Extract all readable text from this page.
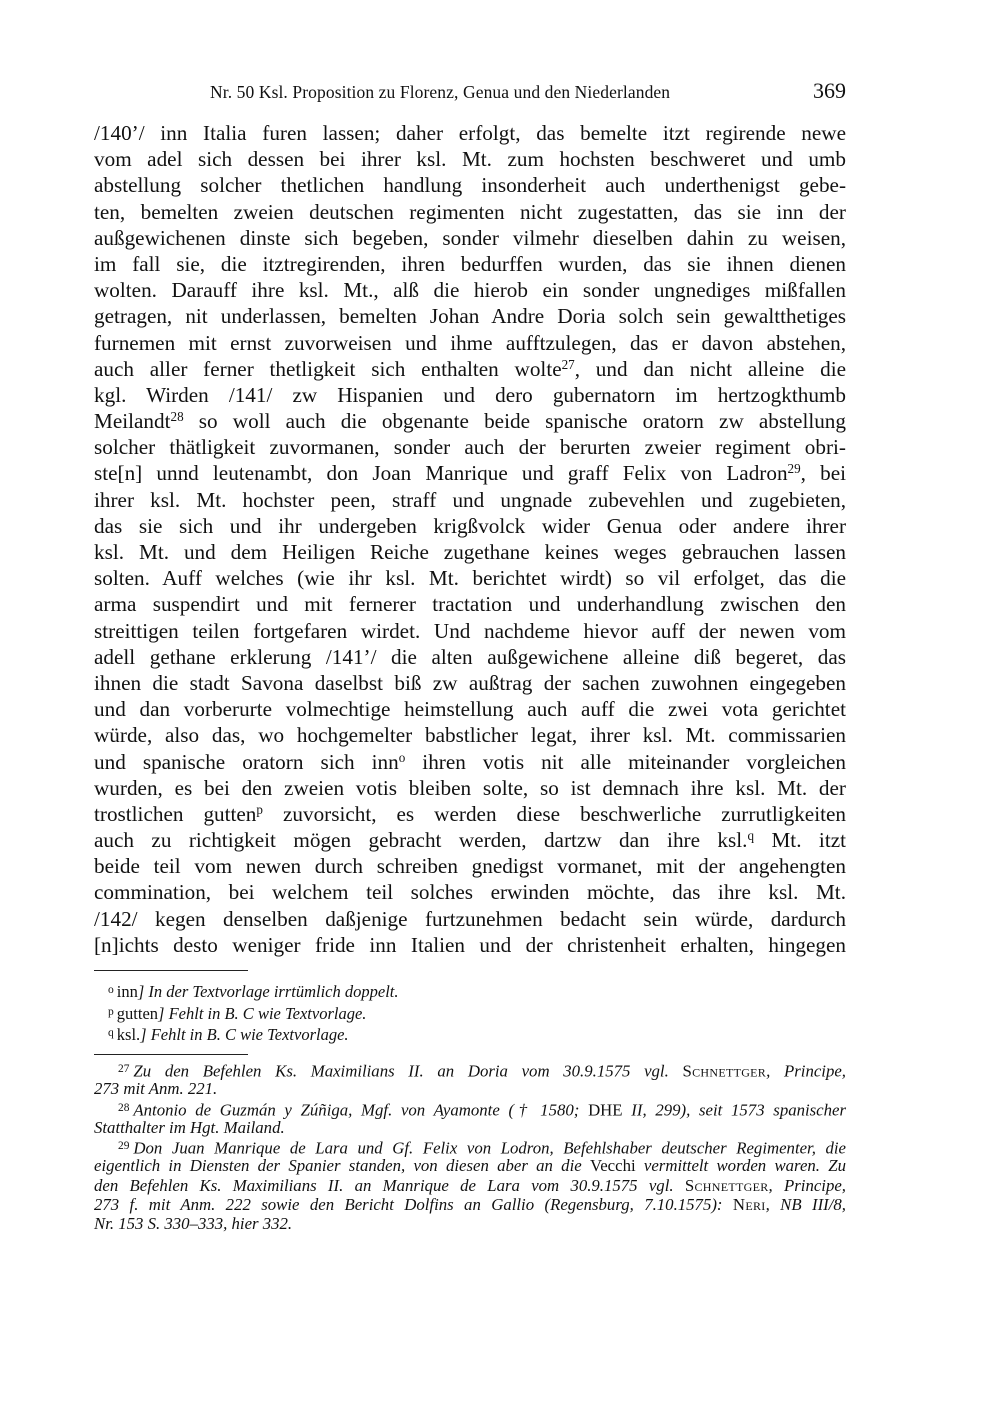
Nr. 50 Ksl. Proposition zu Florenz, Genua und den Niederlanden	369
/140’/ inn Italia furen lassen; daher erfolgt, das bemelte itzt regirende newe
vom adel sich dessen bei ihrer ksl. Mt. zum hochsten beschweret und umb
abstellung solcher thetlichen handlung insonderheit auch underthenigst gebe-
ten, bemelten zweien deutschen regimenten nicht zugestatten, das sie inn der
außgewichenen dinste sich begeben, sonder vilmehr dieselben dahin zu weisen,
im fall sie, die itztregirenden, ihren bedurffen wurden, das sie ihnen dienen
wolten. Darauff ihre ksl. Mt., alß die hierob ein sonder ungnediges mißfallen
getragen, nit underlassen, bemelten Johan Andre Doria solch sein gewaltthetiges
furnemen mit ernst zuvorweisen und ihme aufftzulegen, das er davon abstehen,
auch aller ferner thetligkeit sich enthalten wolte$^{27}$, und dan nicht alleine die
kgl. Wirden /141/ zw Hispanien und dero gubernatorn im hertzogkthumb
Meilandt$^{28}$ so woll auch die obgenante beide spanische oratorn zw abstellung
solcher thätligkeit zuvormanen, sonder auch der berurten zweier regiment obri-
ste[n] unnd leutenambt, don Joan Manrique und graff Felix von Ladron$^{29}$, bei
ihrer ksl. Mt. hochster peen, straff und ungnade zubevehlen und zugebieten,
das sie sich und ihr undergeben krigßvolck wider Genua oder andere ihrer
ksl. Mt. und dem Heiligen Reiche zugethane keines weges gebrauchen lassen
solten. Auff welches (wie ihr ksl. Mt. berichtet wirdt) so vil erfolget, das die
arma suspendirt und mit fernerer tractation und underhandlung zwischen den
streittigen teilen fortgefaren wirdet. Und nachdeme hievor auff der newen vom
adell gethane erklerung /141’/ die alten außgewichene alleine diß begeret, das
ihnen die stadt Savona daselbst biß zw außtrag der sachen zuwohnen eingegeben
und dan vorberurte volmechtige heimstellung auch auff die zwei vota gerichtet
würde, also das, wo hochgemelter babstlicher legat, ihrer ksl. Mt. commissarien
und spanische oratorn sich inn$^o$ ihren votis nit alle miteinander vorgleichen
wurden, es bei den zweien votis bleiben solte, so ist demnach ihre ksl. Mt. der
trostlichen gutten$^p$ zuvorsicht, es werden diese beschwerliche zurrutligkeiten
auch zu richtigkeit mögen gebracht werden, dartzw dan ihre ksl.$^q$ Mt. itzt
beide teil vom newen durch schreiben gnedigst vormanet, mit der angehengten
commination, bei welchem teil solches erwinden möchte, das ihre ksl. Mt.
/142/ kegen denselben daßjenige furtzunehmen bedacht sein würde, dardurch
[n]ichts desto weniger fride inn Italien und der christenheit erhalten, hingegen
$^o$ inn] In der Textvorlage irrtümlich doppelt.
$^p$ gutten] Fehlt in B. C wie Textvorlage.
$^q$ ksl.] Fehlt in B. C wie Textvorlage.
$^{27}$ Zu den Befehlen Ks. Maximilians II. an Doria vom 30.9.1575 vgl. Schnettger, Principe,
273 mit Anm. 221.
$^{28}$ Antonio de Guzmán y Zúñiga, Mgf. von Ayamonte († 1580; DHE II, 299), seit 1573 spanischer
Statthalter im Hgt. Mailand.
$^{29}$ Don Juan Manrique de Lara und Gf. Felix von Lodron, Befehlshaber deutscher Regimenter, die
eigentlich in Diensten der Spanier standen, von diesen aber an die Vecchi vermittelt worden waren. Zu
den Befehlen Ks. Maximilians II. an Manrique de Lara vom 30.9.1575 vgl. Schnettger, Principe,
273 f. mit Anm. 222 sowie den Bericht Dolfins an Gallio (Regensburg, 7.10.1575): Neri, NB III/8,
Nr. 153 S. 330–333, hier 332.
